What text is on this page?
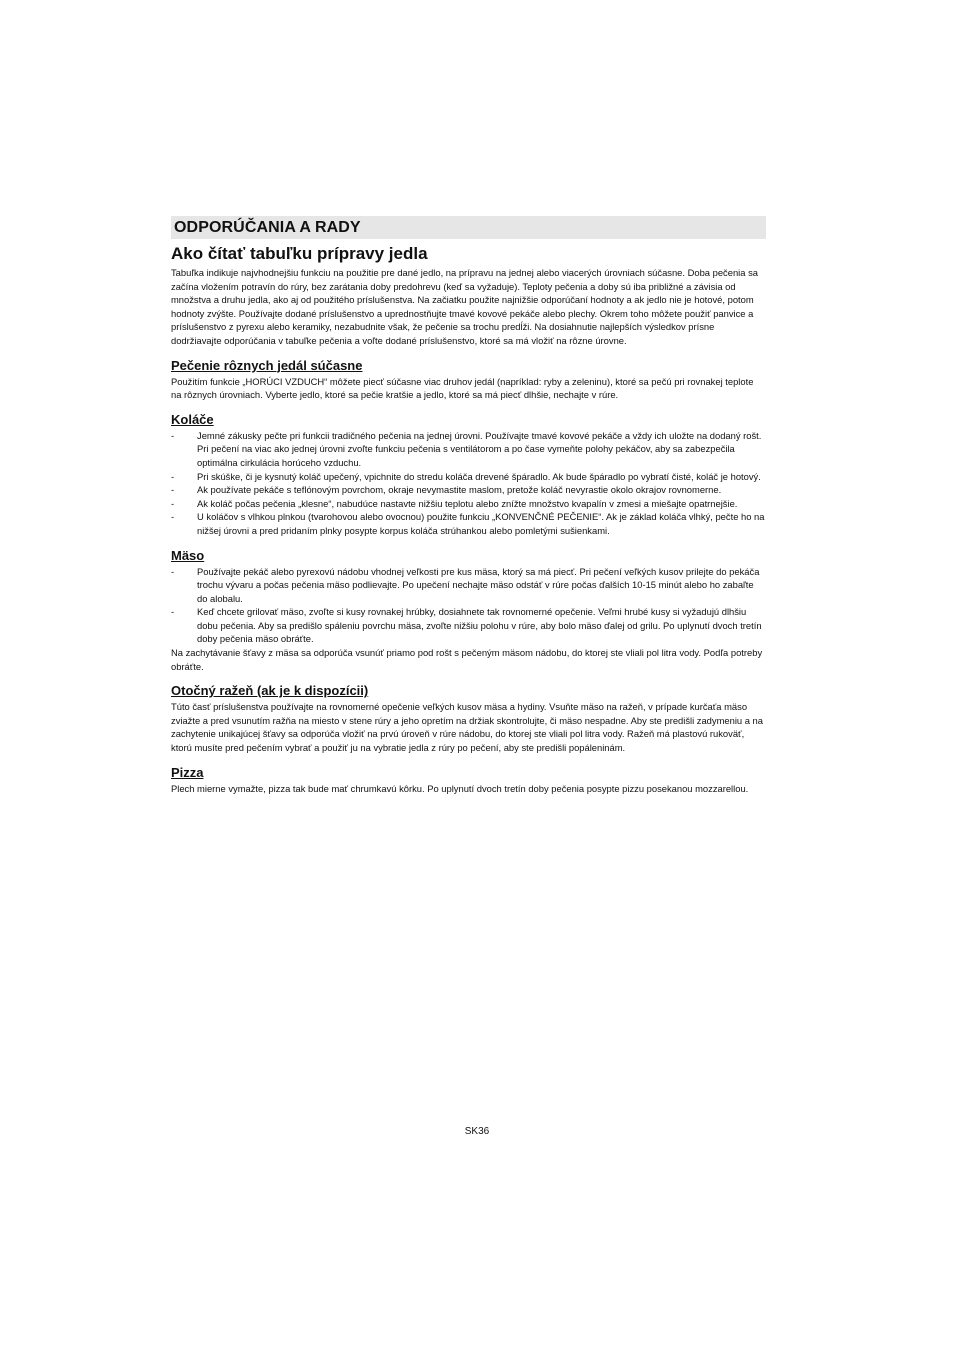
ODPORÚČANIA A RADY
Ako čítať tabuľku prípravy jedla

Tabuľka indikuje najvhodnejšiu funkciu na použitie pre dané jedlo, na prípravu na jednej alebo viacerých úrovniach súčasne. Doba pečenia sa začína vložením potravín do rúry, bez zarátania doby predohrevu (keď sa vyžaduje). Teploty pečenia a doby sú iba približné a závisia od množstva a druhu jedla, ako aj od použitého príslušenstva. Na začiatku použite najnižšie odporúčaní hodnoty a ak jedlo nie je hotové, potom hodnoty zvýšte. Používajte dodané príslušenstvo a uprednostňujte tmavé kovové pekáče alebo plechy. Okrem toho môžete použiť panvice a príslušenstvo z pyrexu alebo keramiky, nezabudnite však, že pečenie sa trochu predĺži. Na dosiahnutie najlepších výsledkov prísne dodržiavajte odporúčania v tabuľke pečenia a voľte dodané príslušenstvo, ktoré sa má vložiť na rôzne úrovne.

Pečenie rôznych jedál súčasne

Použitím funkcie „HORÚCI VZDUCH“ môžete piecť súčasne viac druhov jedál (napríklad: ryby a zeleninu), ktoré sa pečú pri rovnakej teplote na rôznych úrovniach. Vyberte jedlo, ktoré sa pečie kratšie a jedlo, ktoré sa má piecť dlhšie, nechajte v rúre.

Koláče
- Jemné zákusky pečte pri funkcii tradičného pečenia na jednej úrovni. Používajte tmavé kovové pekáče a vždy ich uložte na dodaný rošt. Pri pečení na viac ako jednej úrovni zvoľte funkciu pečenia s ventilátorom a po čase vymeňte polohy pekáčov, aby sa zabezpečila optimálna cirkulácia horúceho vzduchu.
- Pri skúške, či je kysnutý koláč upečený, vpichnite do stredu koláča drevené špáradlo. Ak bude špáradlo po vybratí čisté, koláč je hotový.
- Ak používate pekáče s teflónovým povrchom, okraje nevymastite maslom, pretože koláč nevyrastie okolo okrajov rovnomerne.
- Ak koláč počas pečenia „klesne“, nabudúce nastavte nižšiu teplotu alebo znížte množstvo kvapalín v zmesi a miešajte opatrnejšie.
- U koláčov s vlhkou plnkou (tvarohovou alebo ovocnou) použite funkciu „KONVENČNÉ PEČENIE“. Ak je základ koláča vlhký, pečte ho na nižšej úrovni a pred pridaním plnky posypte korpus koláča strúhankou alebo pomletými sušienkami.
Mäso
- Používajte pekáč alebo pyrexovú nádobu vhodnej veľkosti pre kus mäsa, ktorý sa má piecť. Pri pečení veľkých kusov prilejte do pekáča trochu vývaru a počas pečenia mäso podlievajte. Po upečení nechajte mäso odstáť v rúre počas ďalších 10-15 minút alebo ho zabaľte do alobalu.
- Keď chcete grilovať mäso, zvoľte si kusy rovnakej hrúbky, dosiahnete tak rovnomerné opečenie. Veľmi hrubé kusy si vyžadujú dlhšiu dobu pečenia. Aby sa predišlo spáleniu povrchu mäsa, zvoľte nižšiu polohu v rúre, aby bolo mäso ďalej od grilu. Po uplynutí dvoch tretín doby pečenia mäso obráťte.

Na zachytávanie šťavy z mäsa sa odporúča vsunúť priamo pod rošt s pečeným mäsom nádobu, do ktorej ste vliali pol litra vody. Podľa potreby obráťte.

Otočný ražeň (ak je k dispozícii)

Túto časť príslušenstva používajte na rovnomerné opečenie veľkých kusov mäsa a hydiny. Vsuňte mäso na ražeň, v prípade kurčaťa mäso zviažte a pred vsunutím ražňa na miesto v stene rúry a jeho opretím na držiak skontrolujte, či mäso nespadne. Aby ste predišli zadymeniu a na zachytenie unikajúcej šťavy sa odporúča vložiť na prvú úroveň v rúre nádobu, do ktorej ste vliali pol litra vody. Ražeň má plastovú rukoväť, ktorú musíte pred pečením vybrať a použiť ju na vybratie jedla z rúry po pečení, aby ste predišli popáleninám.

Pizza

Plech mierne vymažte, pizza tak bude mať chrumkavú kôrku. Po uplynutí dvoch tretín doby pečenia posypte pizzu posekanou mozzarellou.

SK36
